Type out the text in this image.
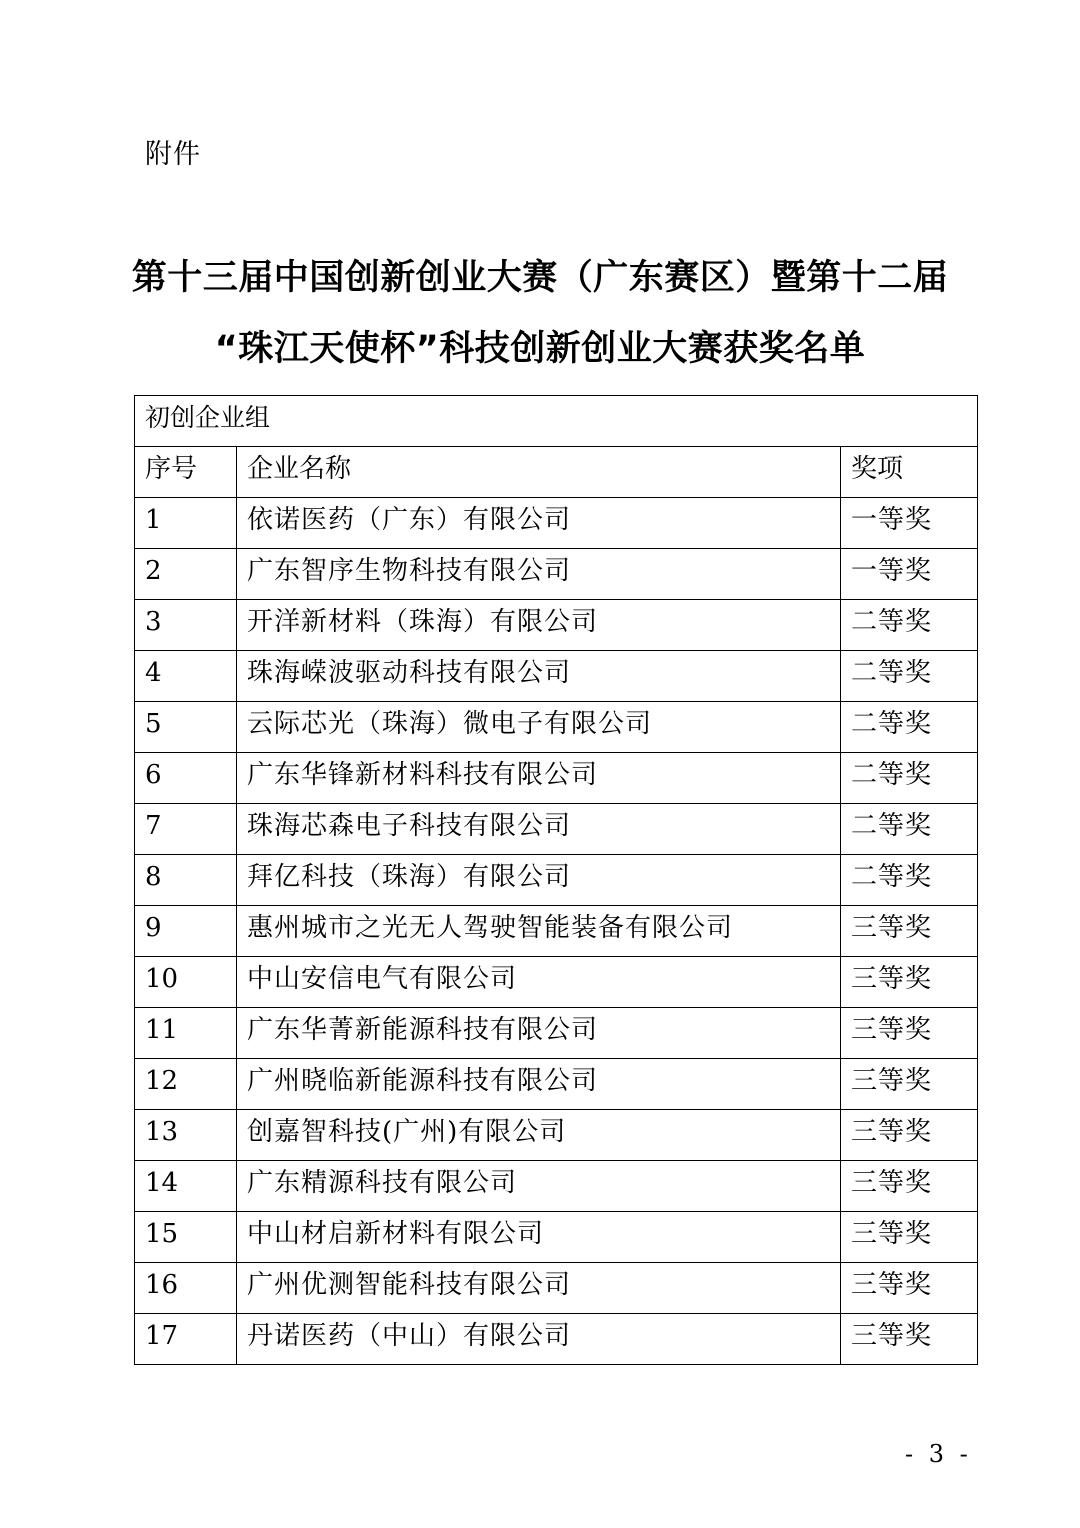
附件
第十三届中国创新创业大赛（广东赛区）暨第十二届
“珠江天使杯”科技创新创业大赛获奖名单
初创企业组		
序号	企业名称	奖项
1	依诺医药（广东）有限公司	一等奖
2	广东智序生物科技有限公司	一等奖
3	开洋新材料（珠海）有限公司	二等奖
4	珠海嵘波驱动科技有限公司	二等奖
5	云际芯光（珠海）微电子有限公司	二等奖
6	广东华锋新材料科技有限公司	二等奖
7	珠海芯森电子科技有限公司	二等奖
8	拜亿科技（珠海）有限公司	二等奖
9	惠州城市之光无人驾驶智能装备有限公司	三等奖
10	中山安信电气有限公司	三等奖
11	广东华菁新能源科技有限公司	三等奖
12	广州晓临新能源科技有限公司	三等奖
13	创嘉智科技(广州)有限公司	三等奖
14	广东精源科技有限公司	三等奖
15	中山材启新材料有限公司	三等奖
16	广州优测智能科技有限公司	三等奖
17	丹诺医药（中山）有限公司	三等奖
- 3 -
